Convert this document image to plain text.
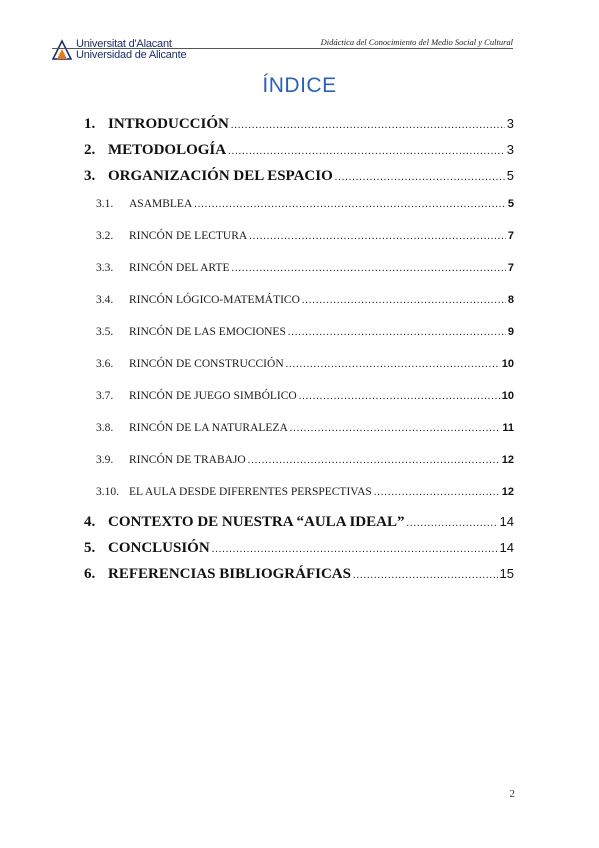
Universitat d'Alacant
Universidad de Alicante
Didáctica del Conocimiento del Medio Social y Cultural
ÍNDICE
1. INTRODUCCIÓN .....	3
2. METODOLOGÍA .....	3
3. ORGANIZACIÓN DEL ESPACIO .....	5
3.1.	ASAMBLEA .....	5
3.2.	RINCÓN DE LECTURA .....	7
3.3.	RINCÓN DEL ARTE .....	7
3.4.	RINCÓN LÓGICO-MATEMÁTICO .....	8
3.5.	RINCÓN DE LAS EMOCIONES .....	9
3.6.	RINCÓN DE CONSTRUCCIÓN .....	10
3.7.	RINCÓN DE JUEGO SIMBÓLICO .....	10
3.8.	RINCÓN DE LA NATURALEZA .....	11
3.9.	RINCÓN DE TRABAJO .....	12
3.10. EL AULA DESDE DIFERENTES PERSPECTIVAS .....	12
4. CONTEXTO DE NUESTRA “AULA IDEAL” .....	14
5. CONCLUSIÓN .....	14
6. REFERENCIAS BIBLIOGRÁFICAS .....	15
2
